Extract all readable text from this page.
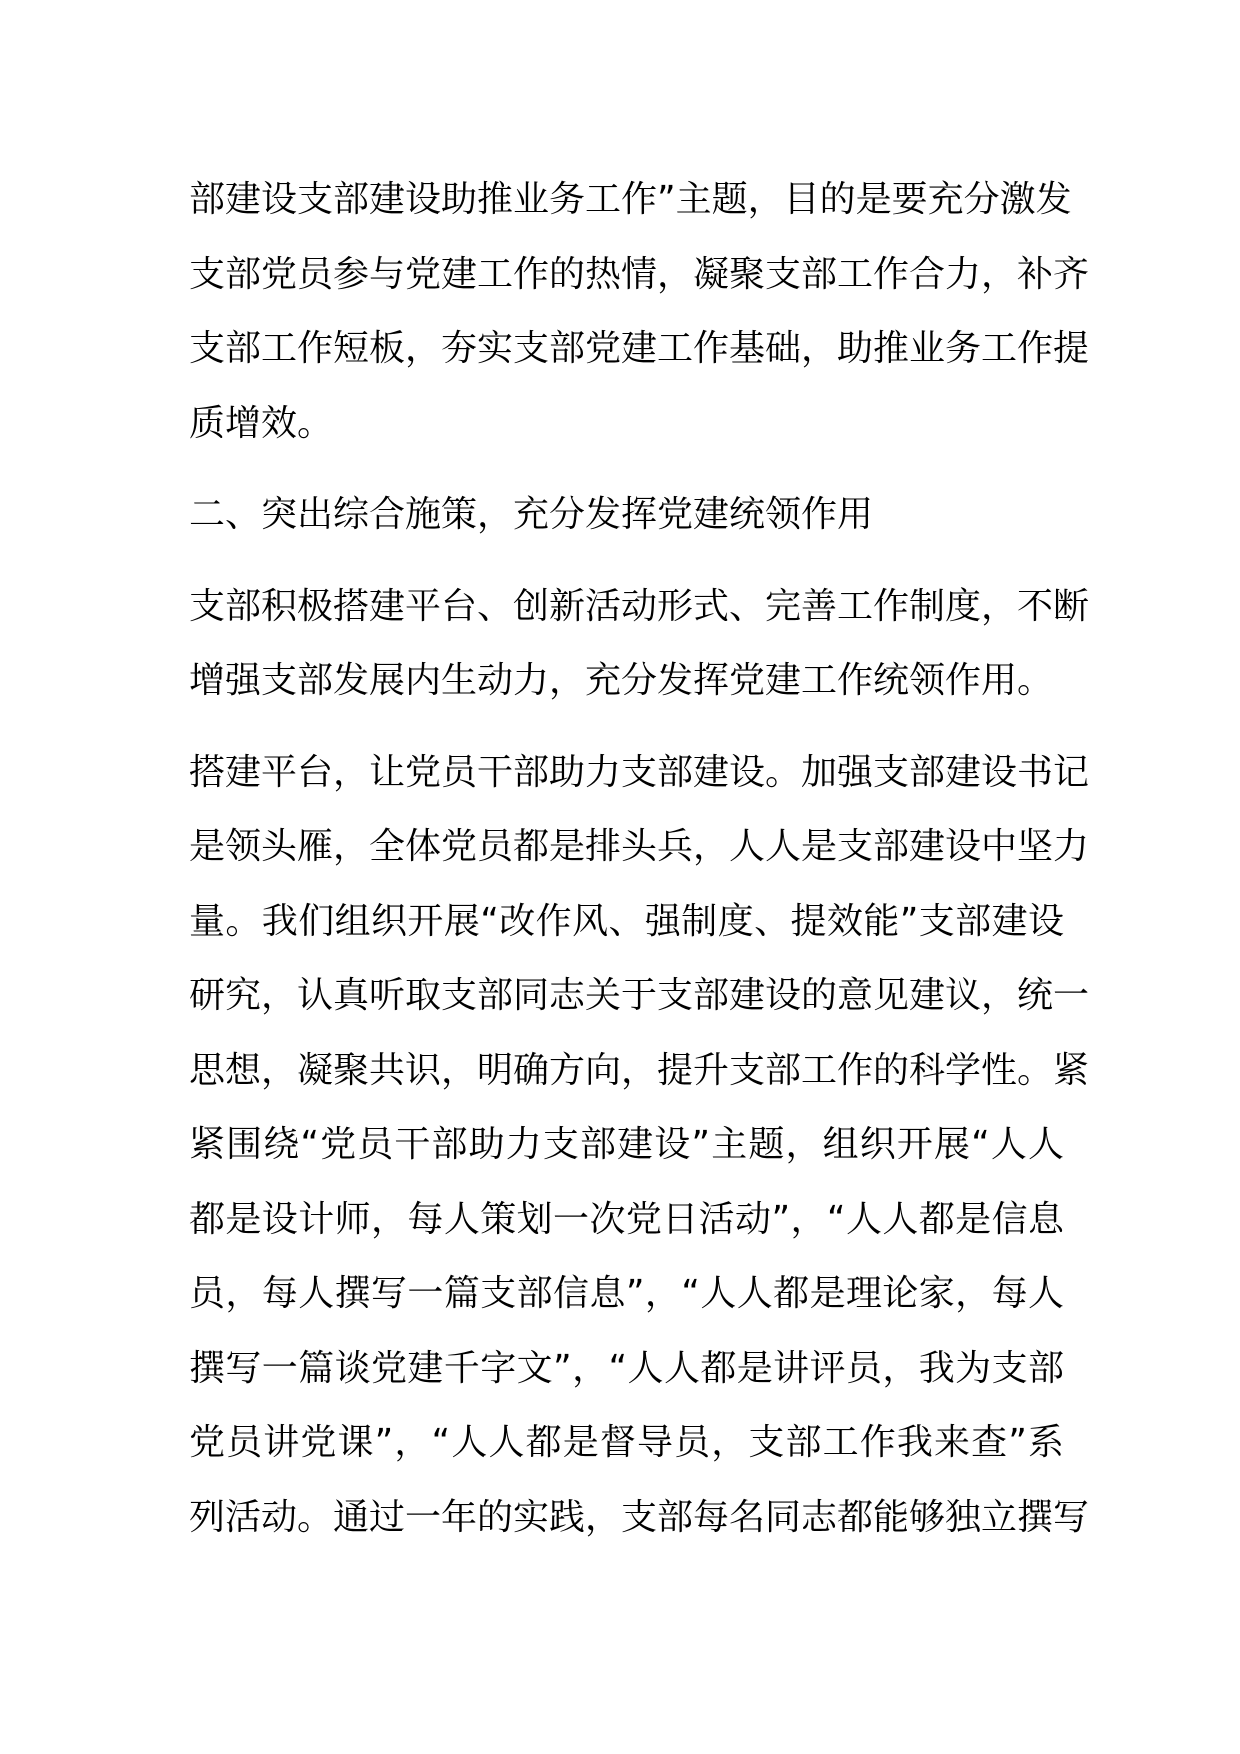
部建设支部建设助推业务工作”主题，目的是要充分激发
支部党员参与党建工作的热情，凝聚支部工作合力，补齐
支部工作短板，夯实支部党建工作基础，助推业务工作提
质增效。

二、突出综合施策，充分发挥党建统领作用

支部积极搭建平台、创新活动形式、完善工作制度，不断
增强支部发展内生动力，充分发挥党建工作统领作用。

搭建平台，让党员干部助力支部建设。加强支部建设书记
是领头雁，全体党员都是排头兵，人人是支部建设中坚力
量。我们组织开展“改作风、强制度、提效能”支部建设
研究，认真听取支部同志关于支部建设的意见建议，统一
思想，凝聚共识，明确方向，提升支部工作的科学性。紧
紧围绕“党员干部助力支部建设”主题，组织开展“人人
都是设计师，每人策划一次党日活动”，“人人都是信息
员，每人撰写一篇支部信息”，“人人都是理论家，每人
撰写一篇谈党建千字文”，“人人都是讲评员，我为支部
党员讲党课”，“人人都是督导员，支部工作我来查”系
列活动。通过一年的实践，支部每名同志都能够独立撰写
